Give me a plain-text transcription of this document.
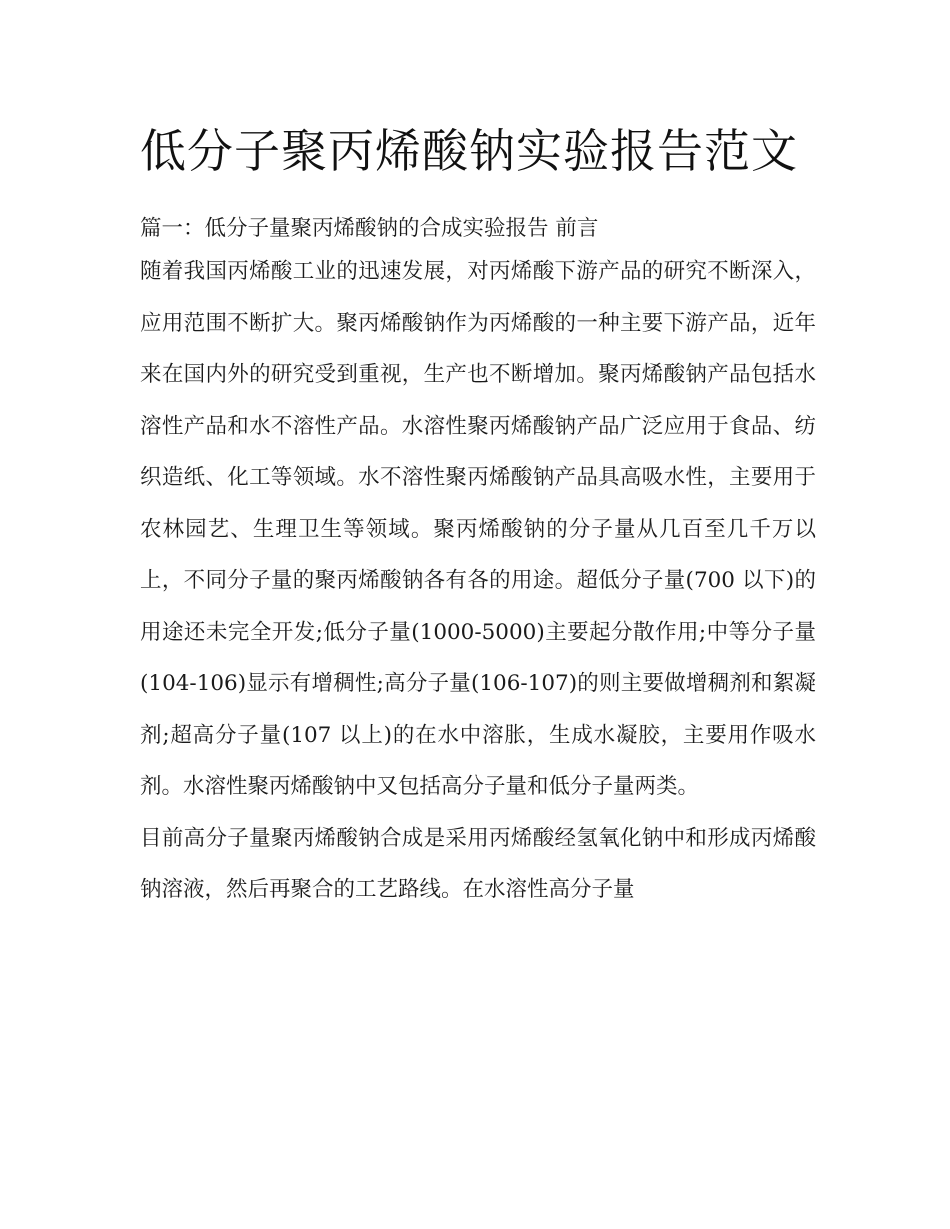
低分子聚丙烯酸钠实验报告范文
篇一：低分子量聚丙烯酸钠的合成实验报告 前言

随着我国丙烯酸工业的迅速发展，对丙烯酸下游产品的研究不断深入，应用范围不断扩大。聚丙烯酸钠作为丙烯酸的一种主要下游产品，近年来在国内外的研究受到重视，生产也不断增加。聚丙烯酸钠产品包括水溶性产品和水不溶性产品。水溶性聚丙烯酸钠产品广泛应用于食品、纺织造纸、化工等领域。水不溶性聚丙烯酸钠产品具高吸水性，主要用于农林园艺、生理卫生等领域。聚丙烯酸钠的分子量从几百至几千万以上，不同分子量的聚丙烯酸钠各有各的用途。超低分子量(700 以下)的用途还未完全开发;低分子量(1000-5000)主要起分散作用;中等分子量(104-106)显示有增稠性;高分子量(106-107)的则主要做增稠剂和絮凝剂;超高分子量(107 以上)的在水中溶胀，生成水凝胶，主要用作吸水剂。水溶性聚丙烯酸钠中又包括高分子量和低分子量两类。

目前高分子量聚丙烯酸钠合成是采用丙烯酸经氢氧化钠中和形成丙烯酸钠溶液，然后再聚合的工艺路线。在水溶性高分子量
